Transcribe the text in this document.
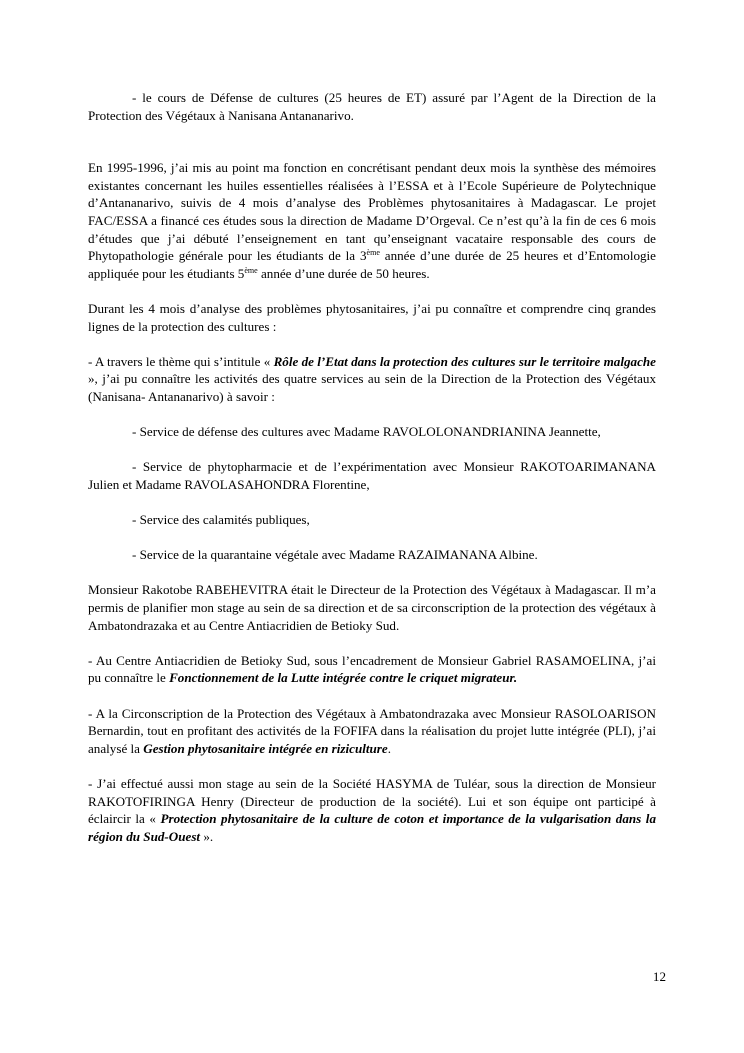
- le cours de Défense de cultures (25 heures de ET) assuré par l’Agent de la Direction de la Protection des Végétaux à Nanisana Antananarivo.

En 1995-1996, j’ai mis au point ma fonction en concrétisant pendant deux mois la synthèse des mémoires existantes concernant les huiles essentielles réalisées à l’ESSA et à l’Ecole Supérieure de Polytechnique d’Antananarivo, suivis de 4 mois d’analyse des Problèmes phytosanitaires à Madagascar. Le projet FAC/ESSA a financé ces études sous la direction de Madame D’Orgeval. Ce n’est qu’à la fin de ces 6 mois d’études que j’ai débuté l’enseignement en tant qu’enseignant vacataire responsable des cours de Phytopathologie générale pour les étudiants de la 3ème année d’une durée de 25 heures et d’Entomologie appliquée pour les étudiants 5ème année d’une durée de 50 heures.

Durant les 4 mois d’analyse des problèmes phytosanitaires, j’ai pu connaître et comprendre cinq grandes lignes de la protection des cultures :

- A travers le thème qui s’intitule « Rôle de l’Etat dans la protection des cultures sur le territoire malgache », j’ai pu connaître les activités des quatre services au sein de la Direction de la Protection des Végétaux (Nanisana- Antananarivo) à savoir :

- Service de défense des cultures avec Madame RAVOLOLONANDRIANINA Jeannette,

- Service de phytopharmacie et de l’expérimentation avec Monsieur RAKOTOARIMANANA Julien et Madame RAVOLASAHONDRA Florentine,

- Service des calamités publiques,

- Service de la quarantaine végétale avec Madame RAZAIMANANA Albine.

Monsieur Rakotobe RABEHEVITRA était le Directeur de la Protection des Végétaux à Madagascar. Il m’a permis de planifier mon stage au sein de sa direction et de sa circonscription de la protection des végétaux à Ambatondrazaka et au Centre Antiacridien de Betioky Sud.

- Au Centre Antiacridien de Betioky Sud, sous l’encadrement de Monsieur Gabriel RASAMOELINA, j’ai pu connaître le Fonctionnement de la Lutte intégrée contre le criquet migrateur.

- A la Circonscription de la Protection des Végétaux à Ambatondrazaka avec Monsieur RASOLOARISON Bernardin, tout en profitant des activités de la FOFIFA dans la réalisation du projet lutte intégrée (PLI), j’ai analysé la Gestion phytosanitaire intégrée en riziculture.

- J’ai effectué aussi mon stage au sein de la Société HASYMA de Tuléar, sous la direction de Monsieur RAKOTOFIRINGA Henry (Directeur de production de la société). Lui et son équipe ont participé à éclaircir la « Protection phytosanitaire de la culture de coton et importance de la vulgarisation dans la région du Sud-Ouest ».

12
